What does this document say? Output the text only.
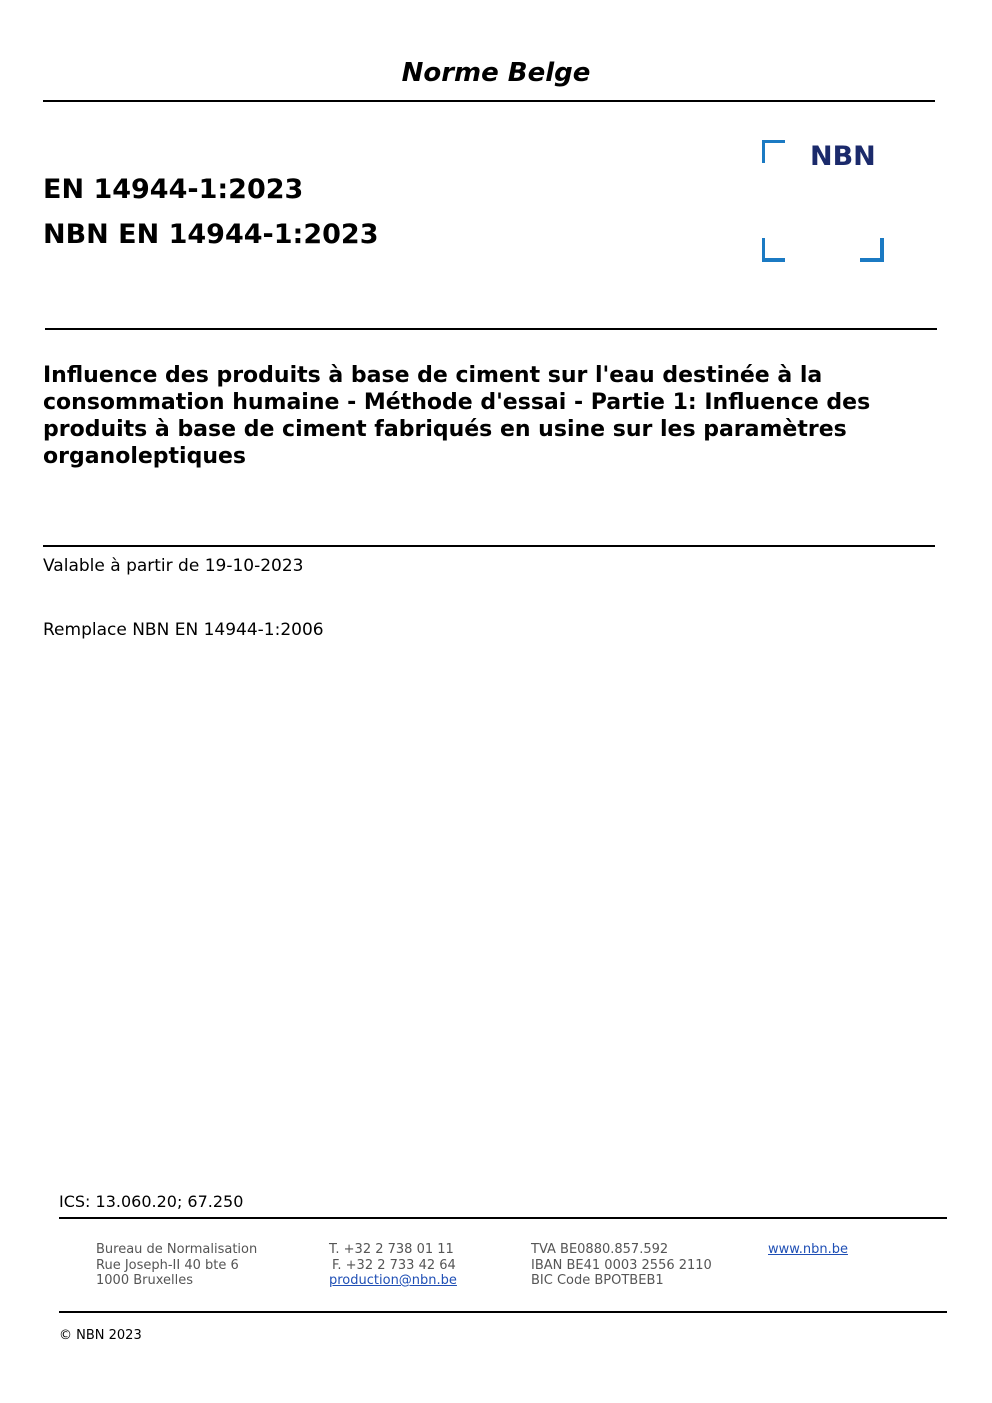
Norme Belge
EN 14944-1:2023
NBN EN 14944-1:2023
NBN
Influence des produits à base de ciment sur l'eau destinée à la consommation humaine - Méthode d'essai - Partie 1: Influence des produits à base de ciment fabriqués en usine sur les paramètres organoleptiques
Valable à partir de 19-10-2023
Remplace NBN EN 14944-1:2006
ICS: 13.060.20; 67.250
Bureau de Normalisation
Rue Joseph-II 40 bte 6
1000 Bruxelles
T. +32 2 738 01 11
F. +32 2 733 42 64
production@nbn.be
TVA BE0880.857.592
IBAN BE41 0003 2556 2110
BIC Code BPOTBEB1
www.nbn.be
© NBN 2023
